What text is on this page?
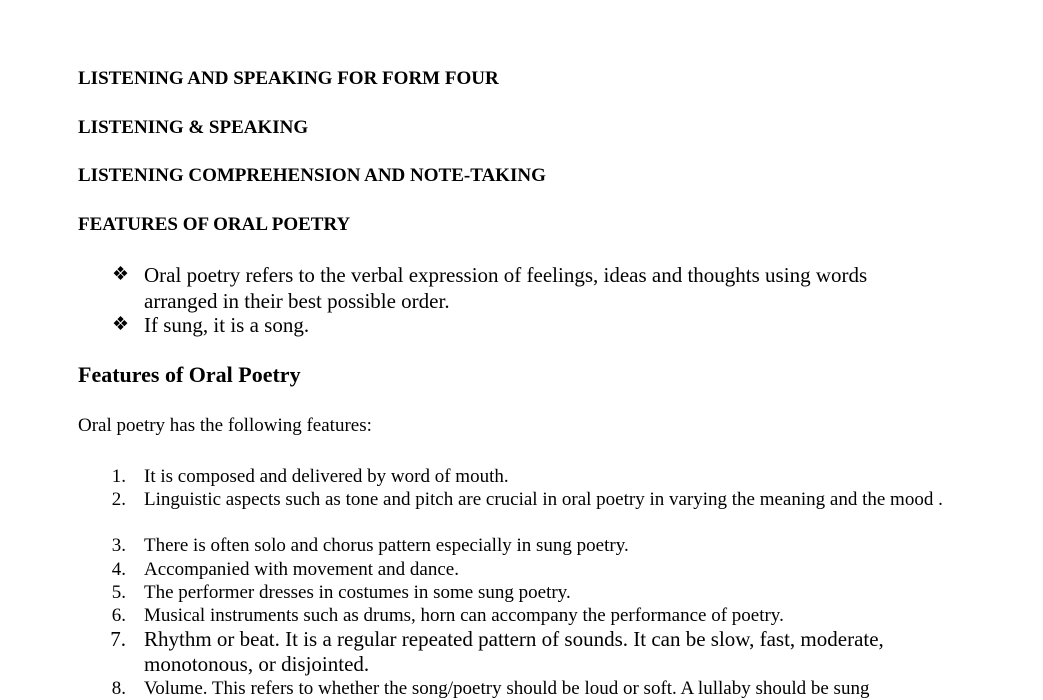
LISTENING AND SPEAKING FOR FORM FOUR
LISTENING & SPEAKING
LISTENING COMPREHENSION AND NOTE-TAKING
FEATURES OF ORAL POETRY
❖ Oral poetry refers to the verbal expression of feelings, ideas and thoughts using words arranged in their best possible order.
❖ If sung, it is a song.
Features of Oral Poetry

Oral poetry has the following features:

1. It is composed and delivered by word of mouth.
2. Linguistic aspects such as tone and pitch are crucial in oral poetry in varying the meaning and the mood .
3. There is often solo and chorus pattern especially in sung poetry.
4. Accompanied with movement and dance.
5. The performer dresses in costumes in some sung poetry.
6. Musical instruments such as drums, horn can accompany the performance of poetry.
7. Rhythm or beat. It is a regular repeated pattern of sounds. It can be slow, fast, moderate, monotonous, or disjointed.
8. Volume. This refers to whether the song/poetry should be loud or soft. A lullaby should be sung
